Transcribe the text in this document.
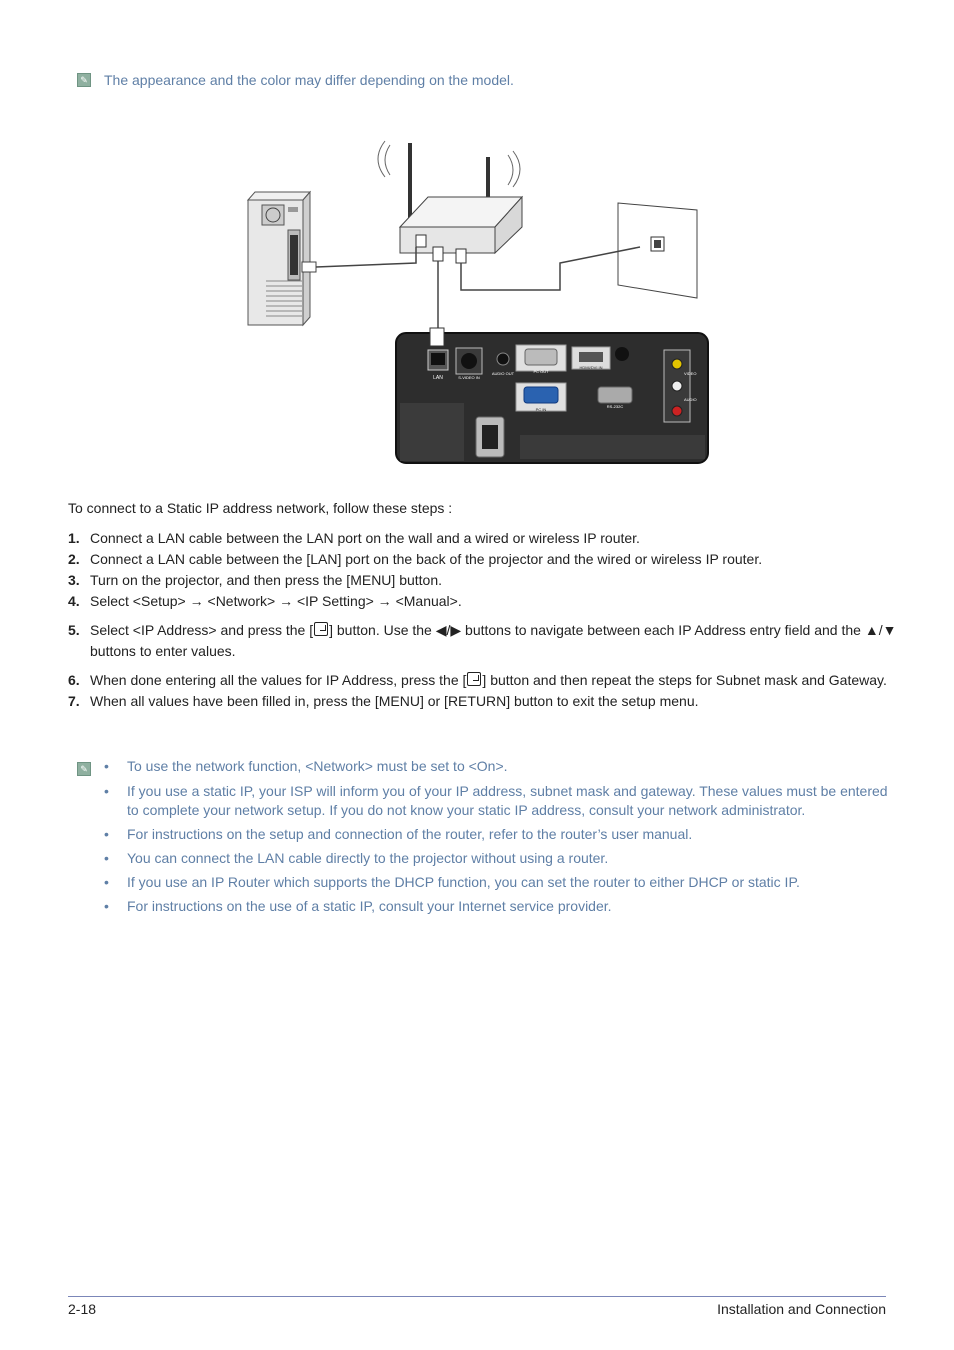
✎ The appearance and the color may differ depending on the model.
LAN	S-VIDEO IN
AUDIO OUT	PC OUT
HDMI/DVI IN
PC IN
RS-232C
VIDEO
AUDIO
To connect to a Static IP address network, follow these steps :
1. Connect a LAN cable between the LAN port on the wall and a wired or wireless IP router.
2. Connect a LAN cable between the [LAN] port on the back of the projector and the wired or wireless IP router.
3. Turn on the projector, and then press the [MENU] button.
4. Select <Setup> → <Network> → <IP Setting> → <Manual>.
5. Select <IP Address> and press the [ ] button. Use the ◀/▶ buttons to navigate between each IP Address entry field and the ▲/▼ buttons to enter values.
6. When done entering all the values for IP Address, press the [ ] button and then repeat the steps for Subnet mask and Gateway.
7. When all values have been filled in, press the [MENU] or [RETURN] button to exit the setup menu.
✎ •	To use the network function, <Network> must be set to <On>.
•	If you use a static IP, your ISP will inform you of your IP address, subnet mask and gateway. These values must be entered to complete your network setup. If you do not know your static IP address, consult your network administrator.
•	For instructions on the setup and connection of the router, refer to the router’s user manual.
•	You can connect the LAN cable directly to the projector without using a router.
•	If you use an IP Router which supports the DHCP function, you can set the router to either DHCP or static IP.
•	For instructions on the use of a static IP, consult your Internet service provider.
2-18	Installation and Connection
